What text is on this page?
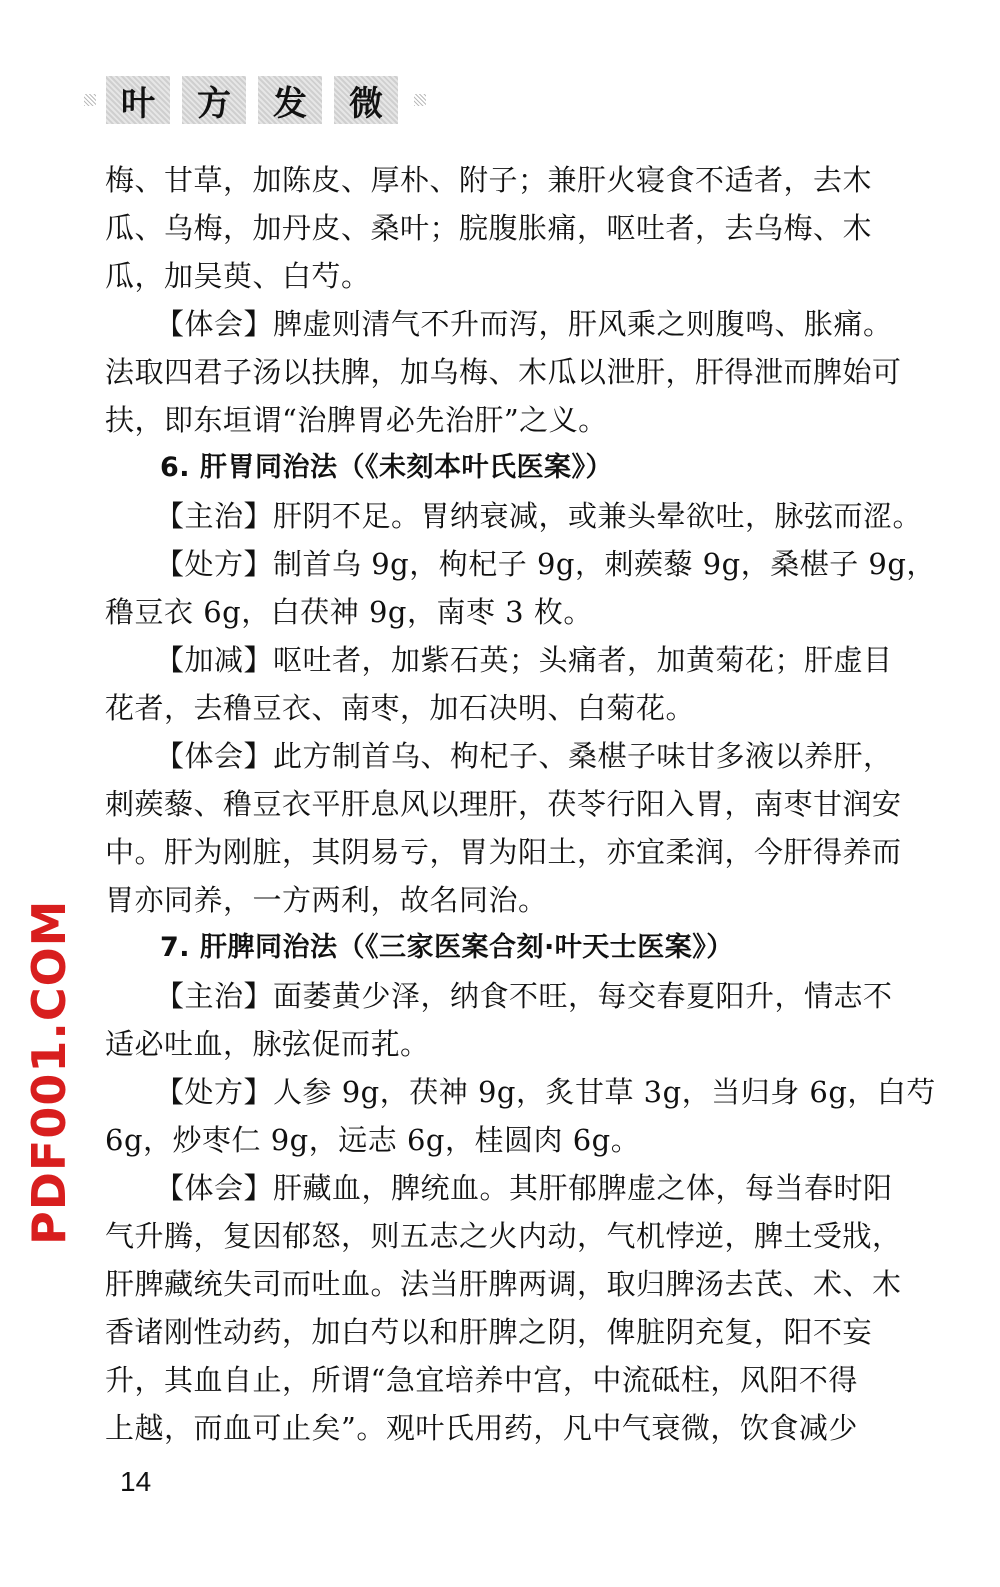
叶	方	发	微
梅、甘草，加陈皮、厚朴、附子；兼肝火寝食不适者，去木
瓜、乌梅，加丹皮、桑叶；脘腹胀痛，呕吐者，去乌梅、木
瓜，加吴萸、白芍。
【体会】脾虚则清气不升而泻，肝风乘之则腹鸣、胀痛。
法取四君子汤以扶脾，加乌梅、木瓜以泄肝，肝得泄而脾始可
扶，即东垣谓“治脾胃必先治肝”之义。
6. 肝胃同治法（《未刻本叶氏医案》）
【主治】肝阴不足。胃纳衰减，或兼头晕欲吐，脉弦而涩。
【处方】制首乌 9g，枸杞子 9g，刺蒺藜 9g，桑椹子 9g，
穞豆衣 6g，白茯神 9g，南枣 3 枚。
【加减】呕吐者，加紫石英；头痛者，加黄菊花；肝虚目
花者，去穞豆衣、南枣，加石决明、白菊花。
【体会】此方制首乌、枸杞子、桑椹子味甘多液以养肝，
刺蒺藜、穞豆衣平肝息风以理肝，茯苓行阳入胃，南枣甘润安
中。肝为刚脏，其阴易亏，胃为阳土，亦宜柔润，今肝得养而
胃亦同养，一方两利，故名同治。
7. 肝脾同治法（《三家医案合刻·叶天士医案》）
【主治】面萎黄少泽，纳食不旺，每交春夏阳升，情志不
适必吐血，脉弦促而芤。
【处方】人参 9g，茯神 9g，炙甘草 3g，当归身 6g，白芍
6g，炒枣仁 9g，远志 6g，桂圆肉 6g。
【体会】肝藏血，脾统血。其肝郁脾虚之体，每当春时阳
气升腾，复因郁怒，则五志之火内动，气机悖逆，脾土受戕，
肝脾藏统失司而吐血。法当肝脾两调，取归脾汤去芪、术、木
香诸刚性动药，加白芍以和肝脾之阴，俾脏阴充复，阳不妄
升，其血自止，所谓“急宜培养中宫，中流砥柱，风阳不得
上越，而血可止矣”。观叶氏用药，凡中气衰微，饮食减少
PDF001.COM
14
